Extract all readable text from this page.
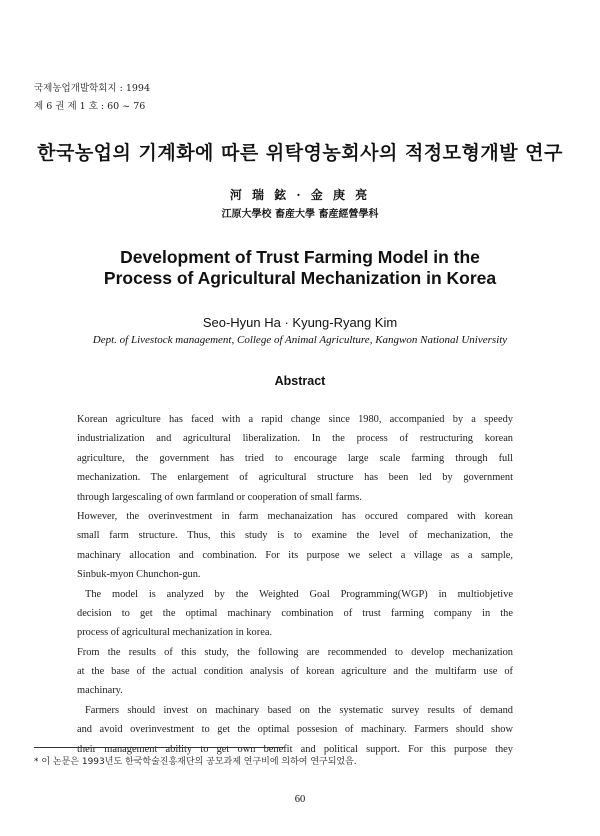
국제농업개발학회지 : 1994
제 6 권 제 1 호 : 60 ~ 76
한국농업의 기계화에 따른 위탁영농회사의 적정모형개발 연구
河 瑞 鉉 · 金 庚 亮
江原大學校 畜産大學 畜産經營學科
Development of Trust Farming Model in the
Process of Agricultural Mechanization in Korea
Seo-Hyun Ha · Kyung-Ryang Kim
Dept. of Livestock management, College of Animal Agriculture, Kangwon National University
Abstract
Korean agriculture has faced with a rapid change since 1980, accompanied by a speedy
industrialization and agricultural liberalization. In the process of restructuring korean
agriculture, the government has tried to encourage large scale farming through full
mechanization. The enlargement of agricultural structure has been led by government
through largescaling of own farmland or cooperation of small farms.
However, the overinvestment in farm mechanaization has occured compared with korean
small farm structure. Thus, this study is to examine the level of mechanization, the
machinary allocation and combination. For its purpose we select a village as a sample,
Sinbuk-myon Chunchon-gun.
The model is analyzed by the Weighted Goal Programming(WGP) in multiobjetive
decision to get the optimal machinary combination of trust farming company in the
process of agricultural mechanization in korea.
From the results of this study, the following are recommended to develop mechanization
at the base of the actual condition analysis of korean agriculture and the multifarm use of
machinary.
Farmers should invest on machinary based on the systematic survey results of demand
and avoid overinvestment to get the optimal possesion of machinary. Farmers should show
their management ability to get own benefit and political support. For this purpose they
* 이 논문은 1993년도 한국학술진흥재단의 공모과제 연구비에 의하여 연구되었음.
60
